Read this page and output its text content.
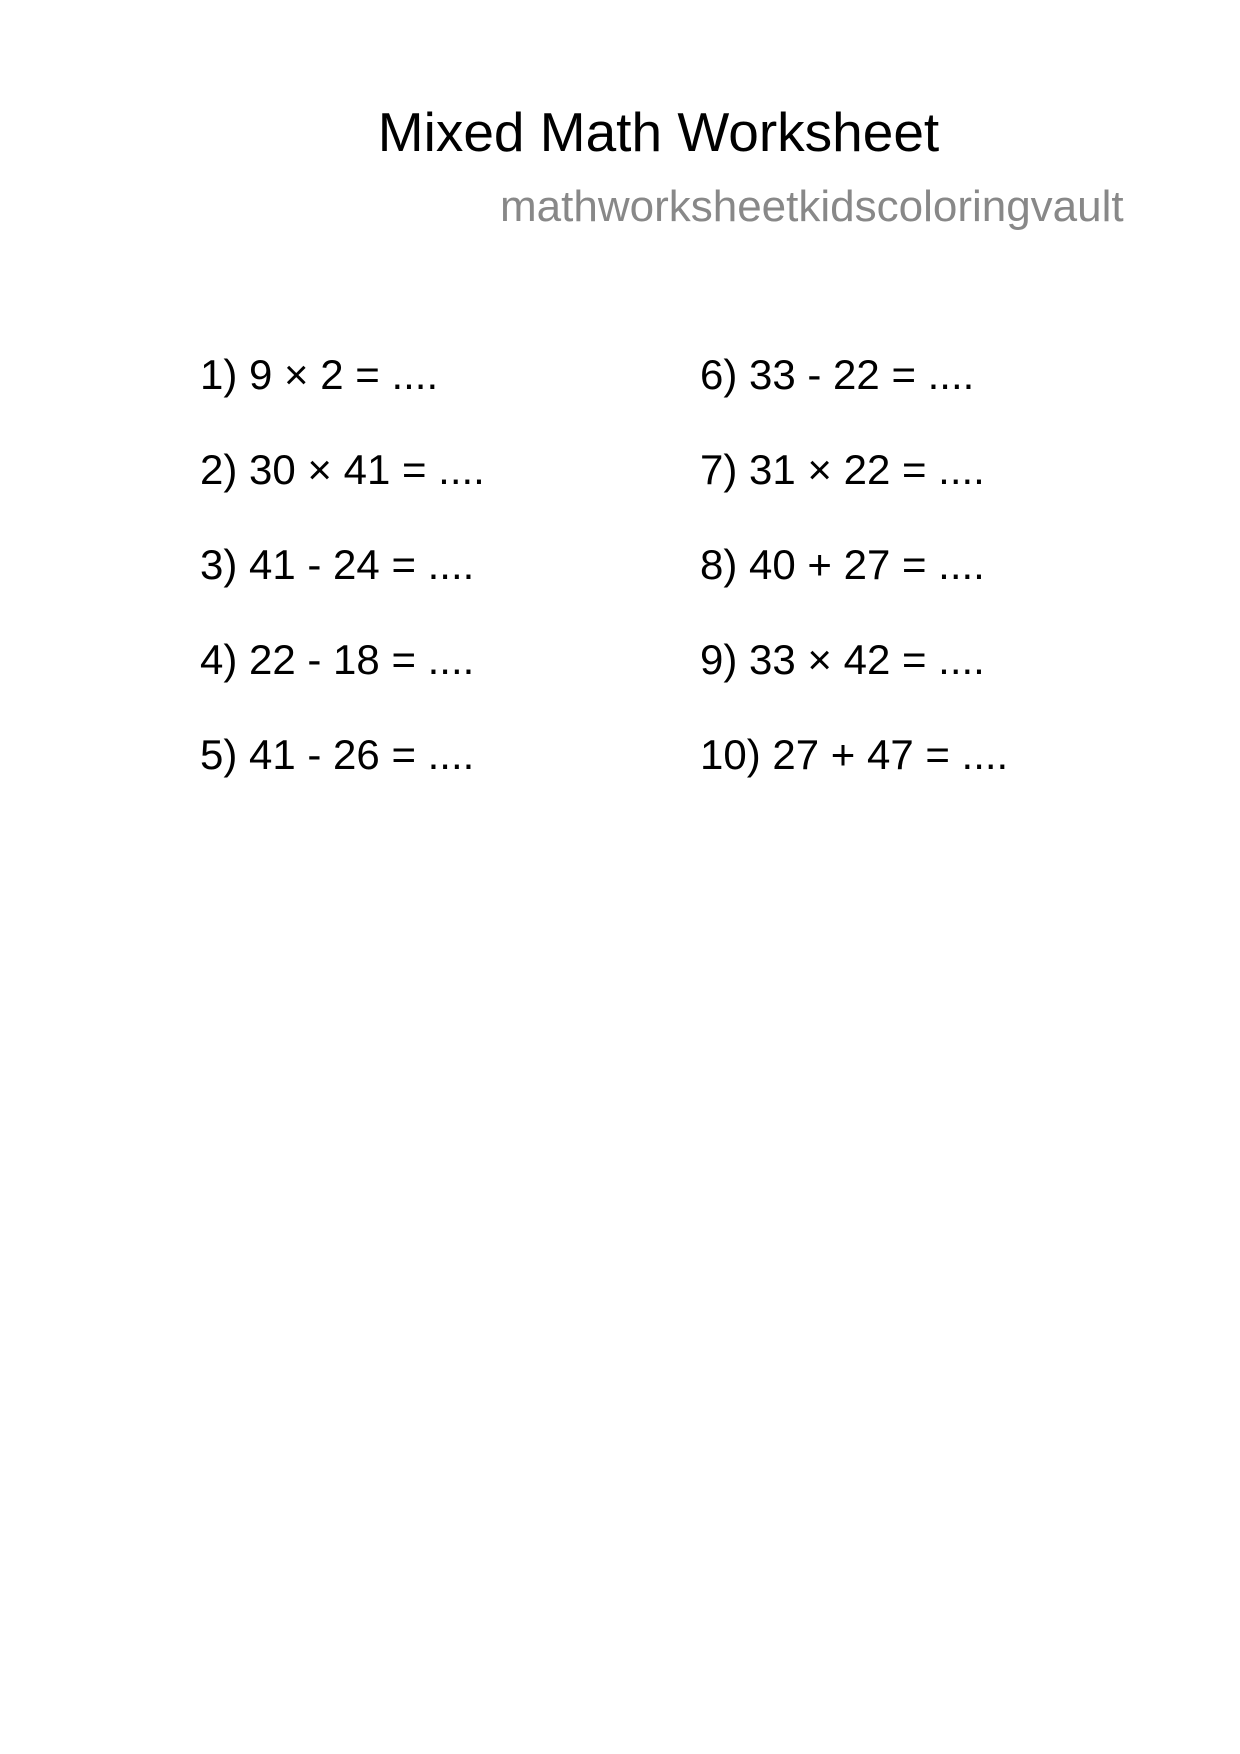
Mixed Math Worksheet
mathworksheetkidscoloringvault
1) 9 × 2 = ....
2) 30 × 41 = ....
3) 41 - 24 = ....
4) 22 - 18 = ....
5) 41 - 26 = ....
6) 33 - 22 = ....
7) 31 × 22 = ....
8) 40 + 27 = ....
9) 33 × 42 = ....
10) 27 + 47 = ....
